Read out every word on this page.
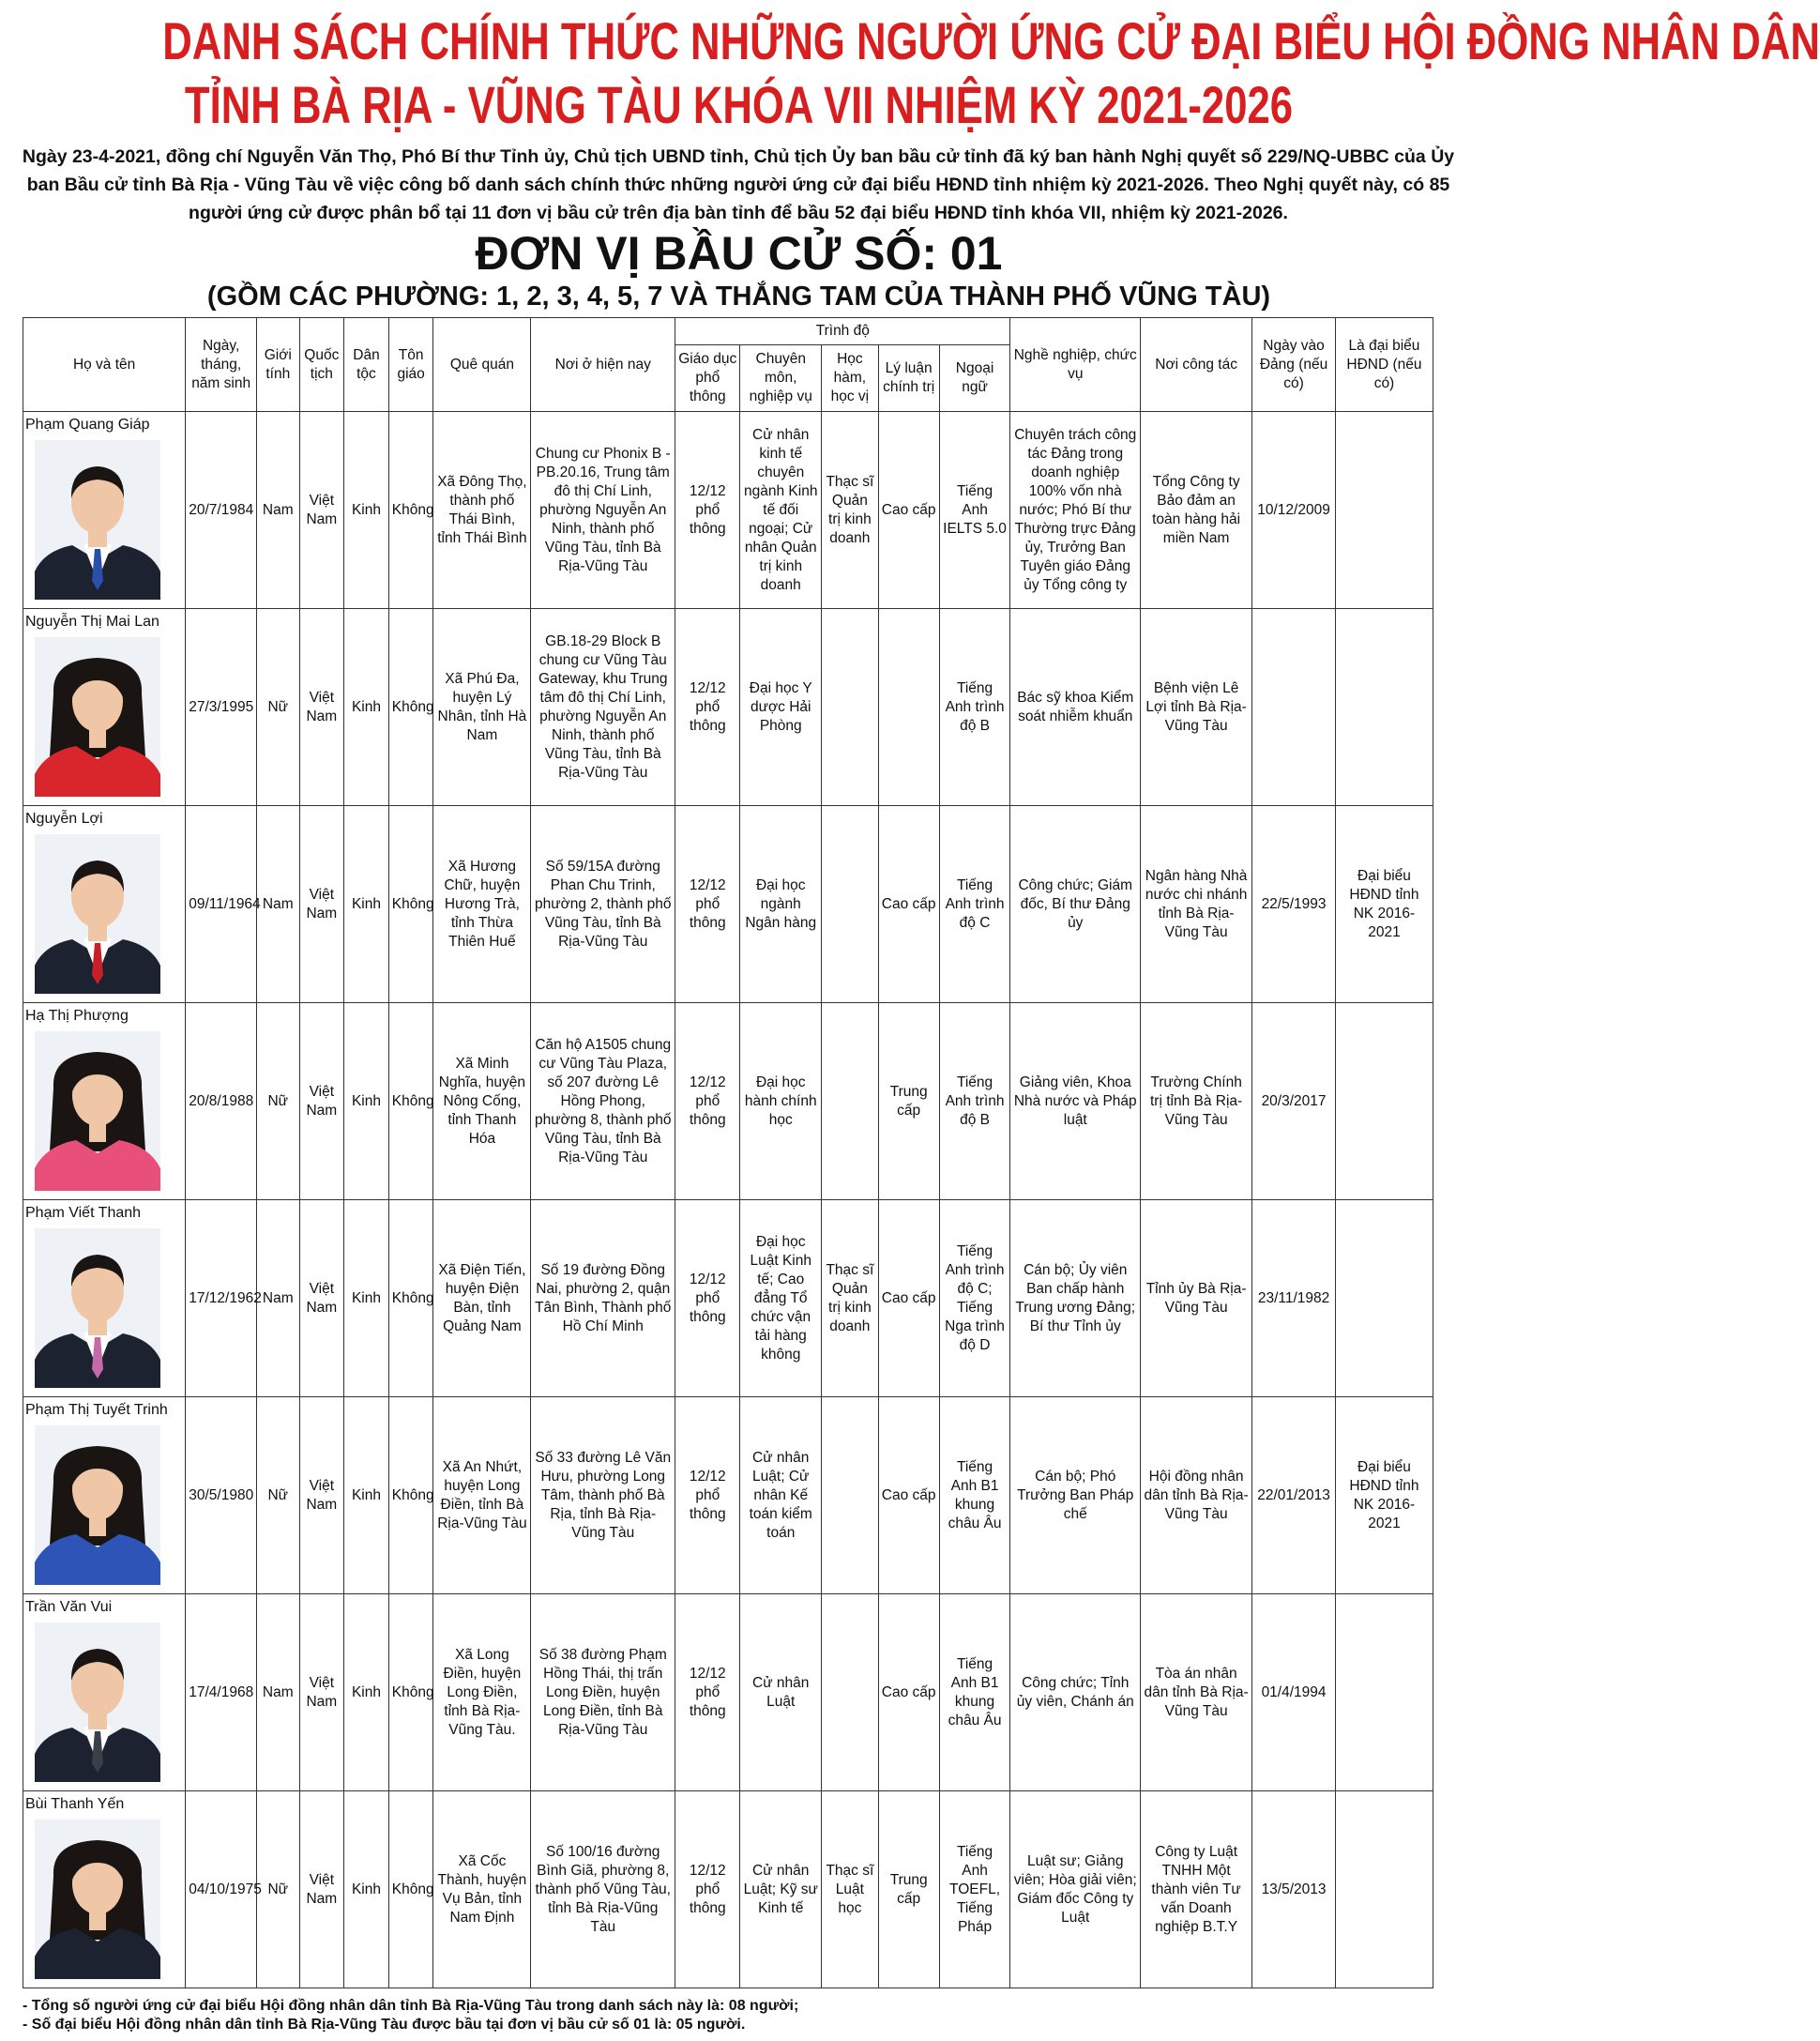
DANH SÁCH CHÍNH THỨC NHỮNG NGƯỜI ỨNG CỬ ĐẠI BIỂU HỘI ĐỒNG NHÂN DÂN
TỈNH BÀ RỊA - VŨNG TÀU KHÓA VII NHIỆM KỲ 2021-2026
Ngày 23-4-2021, đồng chí Nguyễn Văn Thọ, Phó Bí thư Tỉnh ủy, Chủ tịch UBND tỉnh, Chủ tịch Ủy ban bầu cử tỉnh đã ký ban hành Nghị quyết số 229/NQ-UBBC của Ủy ban Bầu cử tỉnh Bà Rịa - Vũng Tàu về việc công bố danh sách chính thức những người ứng cử đại biểu HĐND tỉnh nhiệm kỳ 2021-2026. Theo Nghị quyết này, có 85 người ứng cử được phân bổ tại 11 đơn vị bầu cử trên địa bàn tỉnh để bầu 52 đại biểu HĐND tỉnh khóa VII, nhiệm kỳ 2021-2026.
ĐƠN VỊ BẦU CỬ SỐ: 01
(GỒM CÁC PHƯỜNG: 1, 2, 3, 4, 5, 7 VÀ THẮNG TAM CỦA THÀNH PHỐ VŨNG TÀU)
Họ và tên	Ngày, tháng, năm sinh	Giới tính	Quốc tịch	Dân tộc	Tôn giáo	Quê quán	Nơi ở hiện nay	Trình độ					Nghề nghiệp, chức vụ	Nơi công tác	Ngày vào Đảng (nếu có)	Là đại biểu HĐND (nếu có)
								Giáo dục phổ thông	Chuyên môn, nghiệp vụ	Học hàm, học vị	Lý luận chính trị	Ngoại ngữ				

Phạm Quang Giáp	20/7/1984	Nam	Việt Nam	Kinh	Không	Xã Đông Thọ, thành phố Thái Bình, tỉnh Thái Bình	Chung cư Phonix B - PB.20.16, Trung tâm đô thị Chí Linh, phường Nguyễn An Ninh, thành phố Vũng Tàu, tỉnh Bà Rịa-Vũng Tàu	12/12 phổ thông	Cử nhân kinh tế chuyên ngành Kinh tế đối ngoại; Cử nhân Quản trị kinh doanh	Thạc sĩ Quản trị kinh doanh	Cao cấp	Tiếng Anh IELTS 5.0	Chuyên trách công tác Đảng trong doanh nghiệp 100% vốn nhà nước; Phó Bí thư Thường trực Đảng ủy, Trưởng Ban Tuyên giáo Đảng ủy Tổng công ty	Tổng Công ty Bảo đảm an toàn hàng hải miền Nam	10/12/2009	

Nguyễn Thị Mai Lan	27/3/1995	Nữ	Việt Nam	Kinh	Không	Xã Phú Đa, huyện Lý Nhân, tỉnh Hà Nam	GB.18-29 Block B chung cư Vũng Tàu Gateway, khu Trung tâm đô thị Chí Linh, phường Nguyễn An Ninh, thành phố Vũng Tàu, tỉnh Bà Rịa-Vũng Tàu	12/12 phổ thông	Đại học Y dược Hải Phòng			Tiếng Anh trình độ B	Bác sỹ khoa Kiểm soát nhiễm khuẩn	Bệnh viện Lê Lợi tỉnh Bà Rịa-Vũng Tàu		

Nguyễn Lợi	09/11/1964	Nam	Việt Nam	Kinh	Không	Xã Hương Chữ, huyện Hương Trà, tỉnh Thừa Thiên Huế	Số 59/15A đường Phan Chu Trinh, phường 2, thành phố Vũng Tàu, tỉnh Bà Rịa-Vũng Tàu	12/12 phổ thông	Đại học ngành Ngân hàng		Cao cấp	Tiếng Anh trình độ C	Công chức; Giám đốc, Bí thư Đảng ủy	Ngân hàng Nhà nước chi nhánh tỉnh Bà Rịa-Vũng Tàu	22/5/1993	Đại biểu HĐND tỉnh NK 2016-2021

Hạ Thị Phượng	20/8/1988	Nữ	Việt Nam	Kinh	Không	Xã Minh Nghĩa, huyện Nông Cống, tỉnh Thanh Hóa	Căn hộ A1505 chung cư Vũng Tàu Plaza, số 207 đường Lê Hồng Phong, phường 8, thành phố Vũng Tàu, tỉnh Bà Rịa-Vũng Tàu	12/12 phổ thông	Đại học hành chính học		Trung cấp	Tiếng Anh trình độ B	Giảng viên, Khoa Nhà nước và Pháp luật	Trường Chính trị tỉnh Bà Rịa-Vũng Tàu	20/3/2017	

Phạm Viết Thanh	17/12/1962	Nam	Việt Nam	Kinh	Không	Xã Điện Tiến, huyện Điện Bàn, tỉnh Quảng Nam	Số 19 đường Đồng Nai, phường 2, quận Tân Bình, Thành phố Hồ Chí Minh	12/12 phổ thông	Đại học Luật Kinh tế; Cao đẳng Tổ chức vận tải hàng không	Thạc sĩ Quản trị kinh doanh	Cao cấp	Tiếng Anh trình độ C; Tiếng Nga trình độ D	Cán bộ; Ủy viên Ban chấp hành Trung ương Đảng; Bí thư Tỉnh ủy	Tỉnh ủy Bà Rịa-Vũng Tàu	23/11/1982	

Phạm Thị Tuyết Trinh	30/5/1980	Nữ	Việt Nam	Kinh	Không	Xã An Nhứt, huyện Long Điền, tỉnh Bà Rịa-Vũng Tàu	Số 33 đường Lê Văn Hưu, phường Long Tâm, thành phố Bà Rịa, tỉnh Bà Rịa-Vũng Tàu	12/12 phổ thông	Cử nhân Luật; Cử nhân Kế toán kiểm toán		Cao cấp	Tiếng Anh B1 khung châu Âu	Cán bộ; Phó Trưởng Ban Pháp chế	Hội đồng nhân dân tỉnh Bà Rịa-Vũng Tàu	22/01/2013	Đại biểu HĐND tỉnh NK 2016-2021

Trần Văn Vui	17/4/1968	Nam	Việt Nam	Kinh	Không	Xã Long Điền, huyện Long Điền, tỉnh Bà Rịa-Vũng Tàu.	Số 38 đường Phạm Hồng Thái, thị trấn Long Điền, huyện Long Điền, tỉnh Bà Rịa-Vũng Tàu	12/12 phổ thông	Cử nhân Luật		Cao cấp	Tiếng Anh B1 khung châu Âu	Công chức; Tỉnh ủy viên, Chánh án	Tòa án nhân dân tỉnh Bà Rịa-Vũng Tàu	01/4/1994	

Bùi Thanh Yến	04/10/1975	Nữ	Việt Nam	Kinh	Không	Xã Cốc Thành, huyện Vụ Bản, tỉnh Nam Định	Số 100/16 đường Bình Giã, phường 8, thành phố Vũng Tàu, tỉnh Bà Rịa-Vũng Tàu	12/12 phổ thông	Cử nhân Luật; Kỹ sư Kinh tế	Thạc sĩ Luật học	Trung cấp	Tiếng Anh TOEFL, Tiếng Pháp	Luật sư; Giảng viên; Hòa giải viên; Giám đốc Công ty Luật	Công ty Luật TNHH Một thành viên Tư vấn Doanh nghiệp B.T.Y	13/5/2013	
- Tổng số người ứng cử đại biểu Hội đồng nhân dân tỉnh Bà Rịa-Vũng Tàu trong danh sách này là: 08 người;
- Số đại biểu Hội đồng nhân dân tỉnh Bà Rịa-Vũng Tàu được bầu tại đơn vị bầu cử số 01 là: 05 người.
